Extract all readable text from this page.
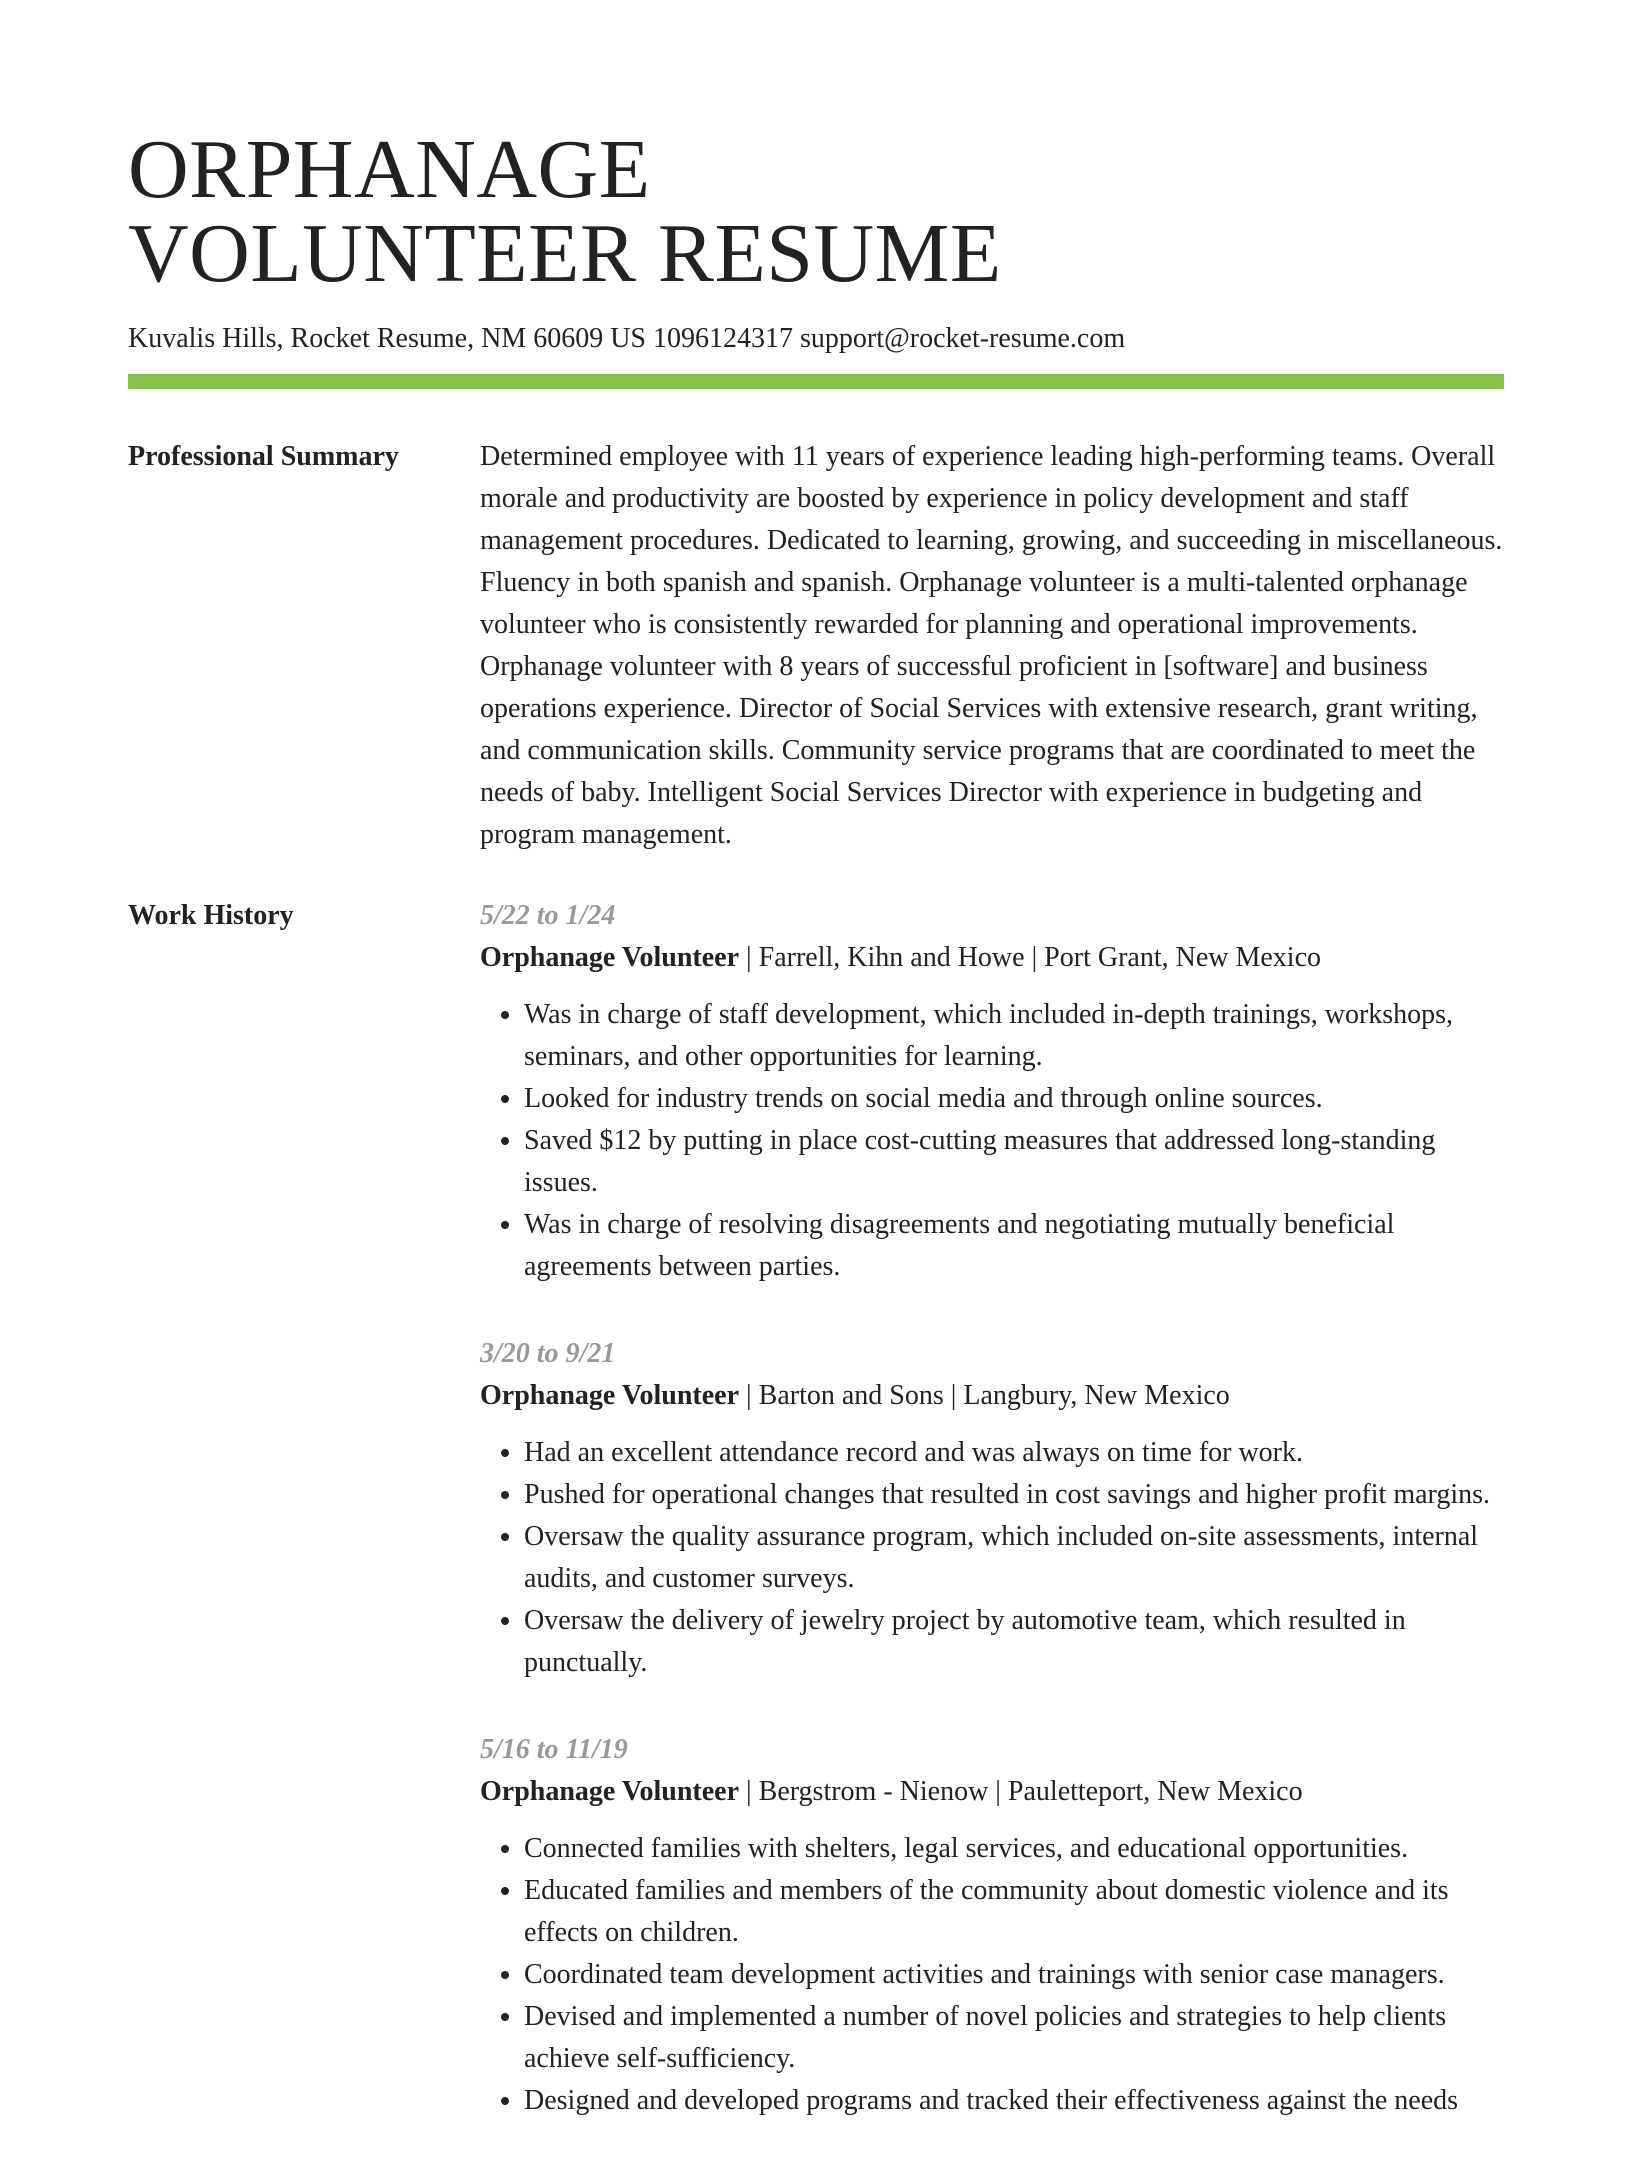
ORPHANAGE
VOLUNTEER RESUME
Kuvalis Hills, Rocket Resume, NM 60609 US 1096124317 support@rocket-resume.com
Professional Summary	Determined employee with 11 years of experience leading high-performing teams. Overall morale and productivity are boosted by experience in policy development and staff management procedures. Dedicated to learning, growing, and succeeding in miscellaneous. Fluency in both spanish and spanish. Orphanage volunteer is a multi-talented orphanage volunteer who is consistently rewarded for planning and operational improvements. Orphanage volunteer with 8 years of successful proficient in [software] and business operations experience. Director of Social Services with extensive research, grant writing, and communication skills. Community service programs that are coordinated to meet the needs of baby. Intelligent Social Services Director with experience in budgeting and program management.

Work History	5/22 to 1/24
Orphanage Volunteer | Farrell, Kihn and Howe | Port Grant, New Mexico
• Was in charge of staff development, which included in-depth trainings, workshops, seminars, and other opportunities for learning.
• Looked for industry trends on social media and through online sources.
• Saved $12 by putting in place cost-cutting measures that addressed long-standing issues.
• Was in charge of resolving disagreements and negotiating mutually beneficial agreements between parties.
3/20 to 9/21
Orphanage Volunteer | Barton and Sons | Langbury, New Mexico
• Had an excellent attendance record and was always on time for work.
• Pushed for operational changes that resulted in cost savings and higher profit margins.
• Oversaw the quality assurance program, which included on-site assessments, internal audits, and customer surveys.
• Oversaw the delivery of jewelry project by automotive team, which resulted in punctually.
5/16 to 11/19
Orphanage Volunteer | Bergstrom - Nienow | Pauletteport, New Mexico
• Connected families with shelters, legal services, and educational opportunities.
• Educated families and members of the community about domestic violence and its effects on children.
• Coordinated team development activities and trainings with senior case managers.
• Devised and implemented a number of novel policies and strategies to help clients achieve self-sufficiency.
• Designed and developed programs and tracked their effectiveness against the needs
